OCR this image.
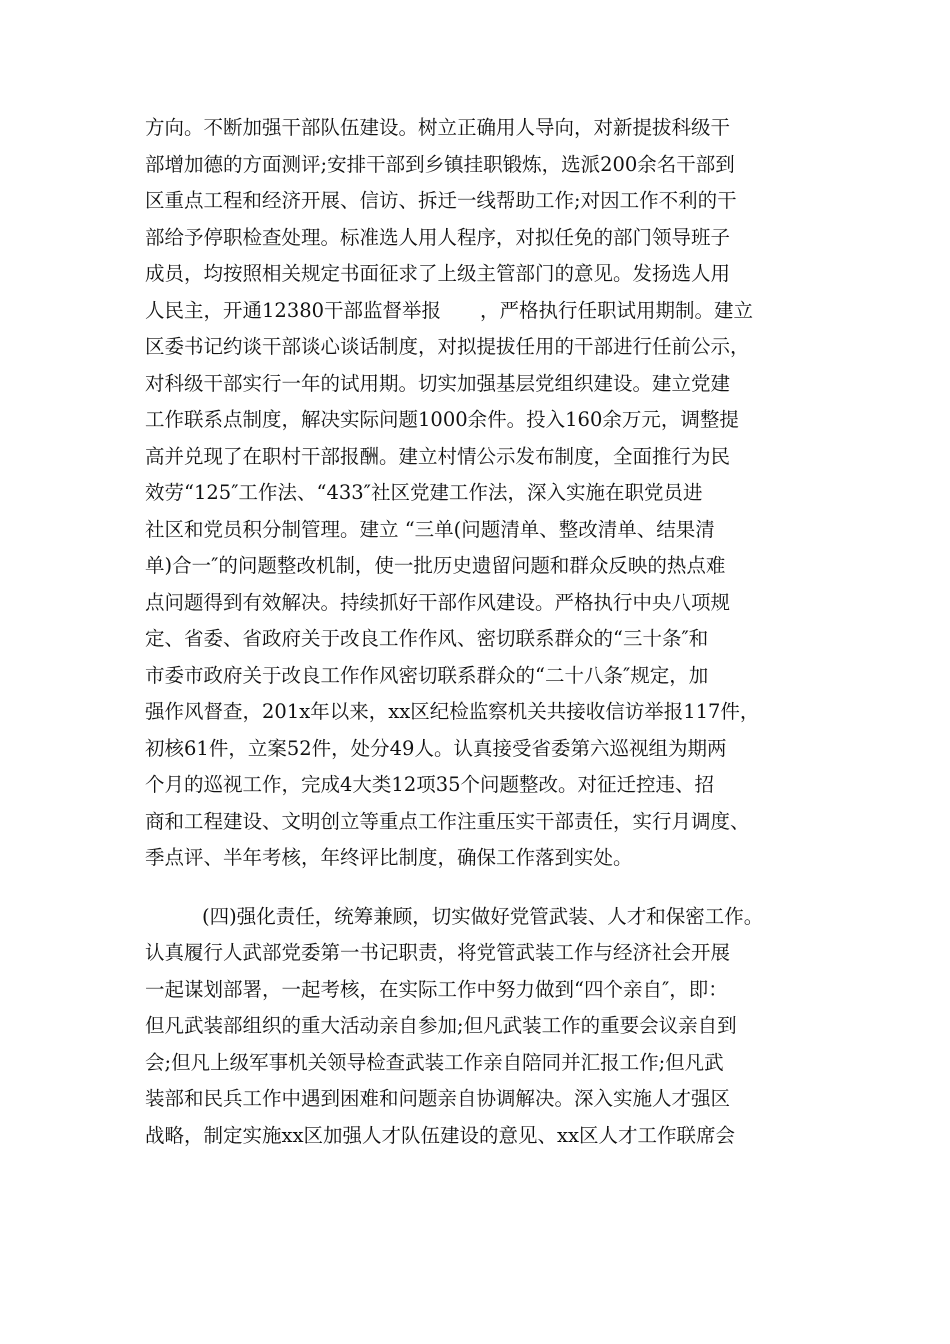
方向。不断加强干部队伍建设。树立正确用人导向，对新提拔科级干
部增加德的方面测评;安排干部到乡镇挂职锻炼，选派200余名干部到
区重点工程和经济开展、信访、拆迁一线帮助工作;对因工作不利的干
部给予停职检查处理。标准选人用人程序，对拟任免的部门领导班子
成员，均按照相关规定书面征求了上级主管部门的意见。发扬选人用
人民主，开通12380干部监督举报　　，严格执行任职试用期制。建立
区委书记约谈干部谈心谈话制度，对拟提拔任用的干部进行任前公示，
对科级干部实行一年的试用期。切实加强基层党组织建设。建立党建
工作联系点制度，解决实际问题1000余件。投入160余万元，调整提
高并兑现了在职村干部报酬。建立村情公示发布制度，全面推行为民
效劳“125″工作法、“433″社区党建工作法，深入实施在职党员进
社区和党员积分制管理。建立 “三单(问题清单、整改清单、结果清
单)合一″的问题整改机制，使一批历史遗留问题和群众反映的热点难
点问题得到有效解决。持续抓好干部作风建设。严格执行中央八项规
定、省委、省政府关于改良工作作风、密切联系群众的“三十条″和
市委市政府关于改良工作作风密切联系群众的“二十八条″规定，加
强作风督查，201x年以来，xx区纪检监察机关共接收信访举报117件，
初核61件，立案52件，处分49人。认真接受省委第六巡视组为期两
个月的巡视工作，完成4大类12项35个问题整改。对征迁控违、招
商和工程建设、文明创立等重点工作注重压实干部责任，实行月调度、
季点评、半年考核，年终评比制度，确保工作落到实处。
(四)强化责任，统筹兼顾，切实做好党管武装、人才和保密工作。
认真履行人武部党委第一书记职责，将党管武装工作与经济社会开展
一起谋划部署，一起考核，在实际工作中努力做到“四个亲自″，即：
但凡武装部组织的重大活动亲自参加;但凡武装工作的重要会议亲自到
会;但凡上级军事机关领导检查武装工作亲自陪同并汇报工作;但凡武
装部和民兵工作中遇到困难和问题亲自协调解决。深入实施人才强区
战略，制定实施xx区加强人才队伍建设的意见、xx区人才工作联席会
